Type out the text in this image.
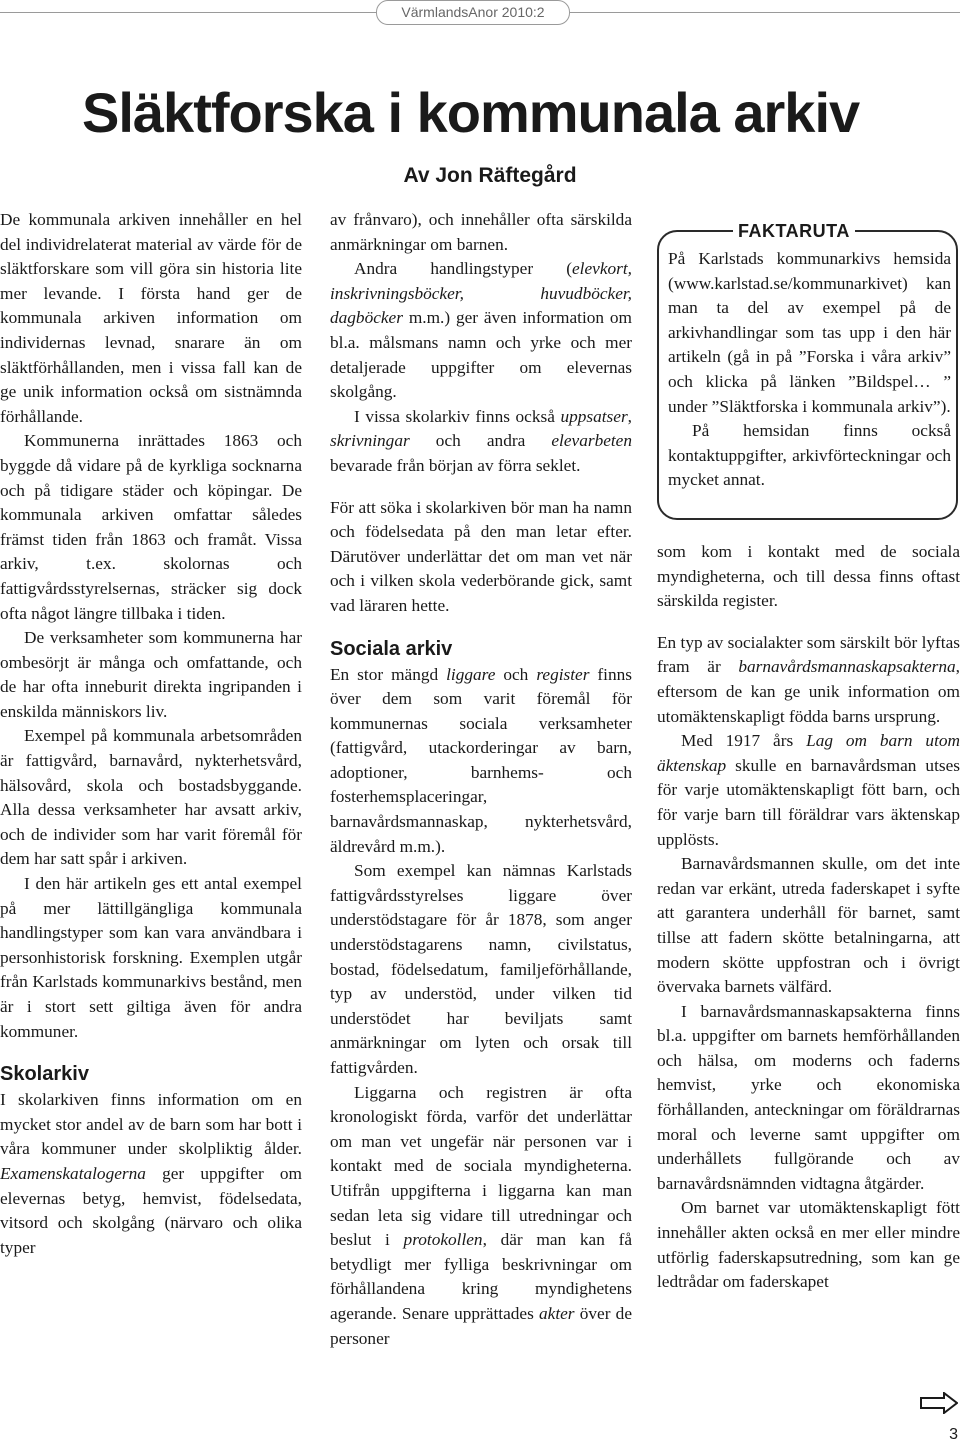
VärmlandsAnor 2010:2
Släktforska i kommunala arkiv
Av Jon Räftegård

De kommunala arkiven innehåller en hel del individrelaterat material av värde för de släktforskare som vill göra sin historia lite mer levande. I första hand ger de kommunala arkiven information om individernas levnad, snarare än om släktförhållanden, men i vissa fall kan de ge unik information också om sistnämnda förhållande.

Kommunerna inrättades 1863 och byggde då vidare på de kyrkliga socknarna och på tidigare städer och köpingar. De kommunala arkiven omfattar således främst tiden från 1863 och framåt. Vissa arkiv, t.ex. skolornas och fattigvårdsstyrelsernas, sträcker sig dock ofta något längre tillbaka i tiden.

De verksamheter som kommunerna har ombesörjt är många och omfattande, och de har ofta inneburit direkta ingripanden i enskilda människors liv.

Exempel på kommunala arbetsområden är fattigvård, barnavård, nykterhetsvård, hälsovård, skola och bostadsbyggande. Alla dessa verksamheter har avsatt arkiv, och de individer som har varit föremål för dem har satt spår i arkiven.

I den här artikeln ges ett antal exempel på mer lättillgängliga kommunala handlingstyper som kan vara användbara i personhistorisk forskning. Exemplen utgår från Karlstads kommunarkivs bestånd, men är i stort sett giltiga även för andra kommuner.

Skolarkiv

I skolarkiven finns information om en mycket stor andel av de barn som har bott i våra kommuner under skolpliktig ålder. Examenskatalogerna ger uppgifter om elevernas betyg, hemvist, födelsedata, vitsord och skolgång (närvaro och olika typer

av frånvaro), och innehåller ofta särskilda anmärkningar om barnen.

Andra handlingstyper (elevkort, inskrivningsböcker, huvudböcker, dagböcker m.m.) ger även information om bl.a. målsmans namn och yrke och mer detaljerade uppgifter om elevernas skolgång.

I vissa skolarkiv finns också uppsatser, skrivningar och andra elevarbeten bevarade från början av förra seklet.

För att söka i skolarkiven bör man ha namn och födelsedata på den man letar efter. Därutöver underlättar det om man vet när och i vilken skola vederbörande gick, samt vad läraren hette.

Sociala arkiv

En stor mängd liggare och register finns över dem som varit föremål för kommunernas sociala verksamheter (fattigvård, utackorderingar av barn, adoptioner, barnhems- och fosterhemsplaceringar, barnavårdsmannaskap, nykterhetsvård, äldrevård m.m.).

Som exempel kan nämnas Karlstads fattigvårdsstyrelses liggare över understödstagare för år 1878, som anger understödstagarens namn, civilstatus, bostad, födelsedatum, familjeförhållande, typ av understöd, under vilken tid understödet har beviljats samt anmärkningar om lyten och orsak till fattigvården.

Liggarna och registren är ofta kronologiskt förda, varför det underlättar om man vet ungefär när personen var i kontakt med de sociala myndigheterna. Utifrån uppgifterna i liggarna kan man sedan leta sig vidare till utredningar och beslut i protokollen, där man kan få betydligt mer fylliga beskrivningar om förhållandena kring myndighetens agerande. Senare upprättades akter över de personer

FAKTARUTA

På Karlstads kommunarkivs hemsida (www.karlstad.se/kommunarkivet) kan man ta del av exempel på de arkivhandlingar som tas upp i den här artikeln (gå in på ”Forska i våra arkiv” och klicka på länken ”Bildspel… ” under ”Släktforska i kommunala arkiv”).

På hemsidan finns också kontaktuppgifter, arkivförteckningar och mycket annat.

som kom i kontakt med de sociala myndigheterna, och till dessa finns oftast särskilda register.

En typ av socialakter som särskilt bör lyftas fram är barnavårdsmannaskapsakterna, eftersom de kan ge unik information om utomäktenskapligt födda barns ursprung.

Med 1917 års Lag om barn utom äktenskap skulle en barnavårdsman utses för varje utomäktenskapligt fött barn, och för varje barn till föräldrar vars äktenskap upplösts.

Barnavårdsmannen skulle, om det inte redan var erkänt, utreda faderskapet i syfte att garantera underhåll för barnet, samt tillse att fadern skötte betalningarna, att modern skötte uppfostran och i övrigt övervaka barnets välfärd.

I barnavårdsmannaskapsakterna finns bl.a. uppgifter om barnets hemförhållanden och hälsa, om moderns och faderns hemvist, yrke och ekonomiska förhållanden, anteckningar om föräldrarnas moral och leverne samt uppgifter om underhållets fullgörande och av barnavårdsnämnden vidtagna åtgärder.

Om barnet var utomäktenskapligt fött innehåller akten också en mer eller mindre utförlig faderskapsutredning, som kan ge ledtrådar om faderskapet

3
